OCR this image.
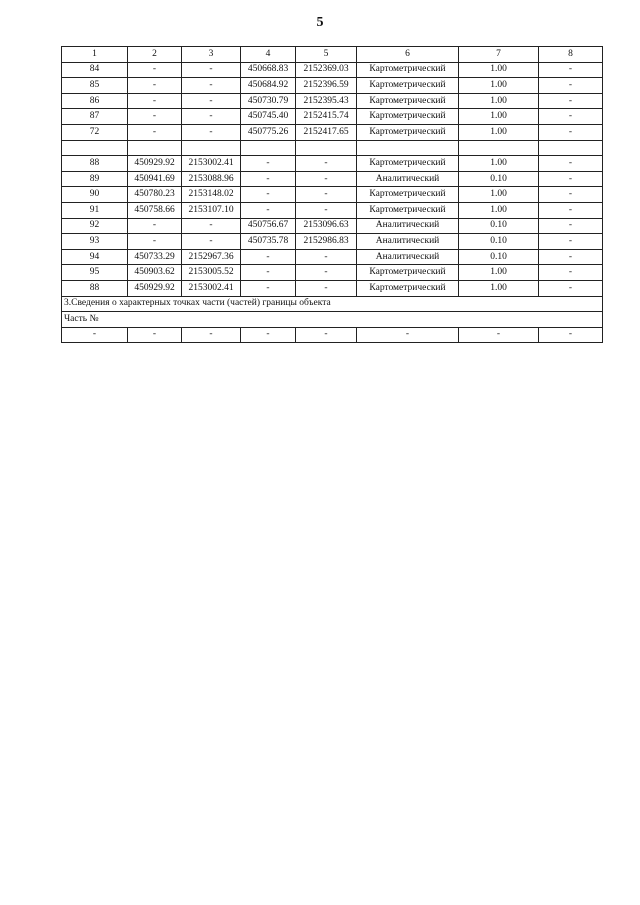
5
1	2	3	4	5	6	7	8
84	-	-	450668.83	2152369.03	Картометрический	1.00	-
85	-	-	450684.92	2152396.59	Картометрический	1.00	-
86	-	-	450730.79	2152395.43	Картометрический	1.00	-
87	-	-	450745.40	2152415.74	Картометрический	1.00	-
72	-	-	450775.26	2152417.65	Картометрический	1.00	-

88	450929.92	2153002.41	-	-	Картометрический	1.00	-
89	450941.69	2153088.96	-	-	Аналитический	0.10	-
90	450780.23	2153148.02	-	-	Картометрический	1.00	-
91	450758.66	2153107.10	-	-	Картометрический	1.00	-
92	-	-	450756.67	2153096.63	Аналитический	0.10	-
93	-	-	450735.78	2152986.83	Аналитический	0.10	-
94	450733.29	2152967.36	-	-	Аналитический	0.10	-
95	450903.62	2153005.52	-	-	Картометрический	1.00	-
88	450929.92	2153002.41	-	-	Картометрический	1.00	-
3.Сведения о характерных точках части (частей) границы объекта							
Часть №							
-	-	-	-	-	-	-	-
